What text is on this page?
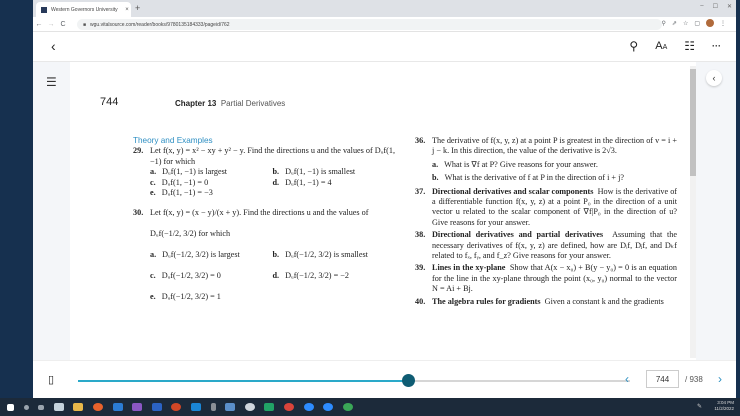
Western Governors University	× +	– ☐ ✕
← → C	■ wgu.vitalsource.com/reader/books/9780135184333/pageid/762	⚲ ⇗ ☆ ▢	⋮
‹	⚲ AA ☷ ···
☰
744	Chapter 13 Partial Derivatives
Theory and Examples
29. Let f(x, y) = x² − xy + y² − y. Find the directions u and the values of Dᵤf(1, −1) for which
a. Dᵤf(1, −1) is largest	b. Dᵤf(1, −1) is smallest
c. Dᵤf(1, −1) = 0	d. Dᵤf(1, −1) = 4
e. Dᵤf(1, −1) = −3
30. Let f(x, y) = (x − y)/(x + y). Find the directions u and the values of
Dᵤf(−1/2, 3/2) for which
a. Dᵤf(−1/2, 3/2) is largest	b. Dᵤf(−1/2, 3/2) is smallest
c. Dᵤf(−1/2, 3/2) = 0	d. Dᵤf(−1/2, 3/2) = −2
e. Dᵤf(−1/2, 3/2) = 1
36. The derivative of f(x, y, z) at a point P is greatest in the direction of v = i + j − k. In this direction, the value of the derivative is 2√3.
a. What is ∇f at P? Give reasons for your answer.
b. What is the derivative of f at P in the direction of i + j?
37. Directional derivatives and scalar components How is the derivative of a differentiable function f(x, y, z) at a point P₀ in the direction of a unit vector u related to the scalar component of ∇f|P₀ in the direction of u? Give reasons for your answer.
38. Directional derivatives and partial derivatives Assuming that the necessary derivatives of f(x, y, z) are defined, how are Dᵢf, Dⱼf, and Dₖf related to fₓ, fᵧ, and f_z? Give reasons for your answer.
39. Lines in the xy-plane Show that A(x − x₀) + B(y − y₀) = 0 is an equation for the line in the xy-plane through the point (x₀, y₀) normal to the vector N = Ai + Bj.
40. The algebra rules for gradients Given a constant k and the gradients
‹
▯	‹
744	/ 938 ›
✎
3:04 PM
11/2/2022
